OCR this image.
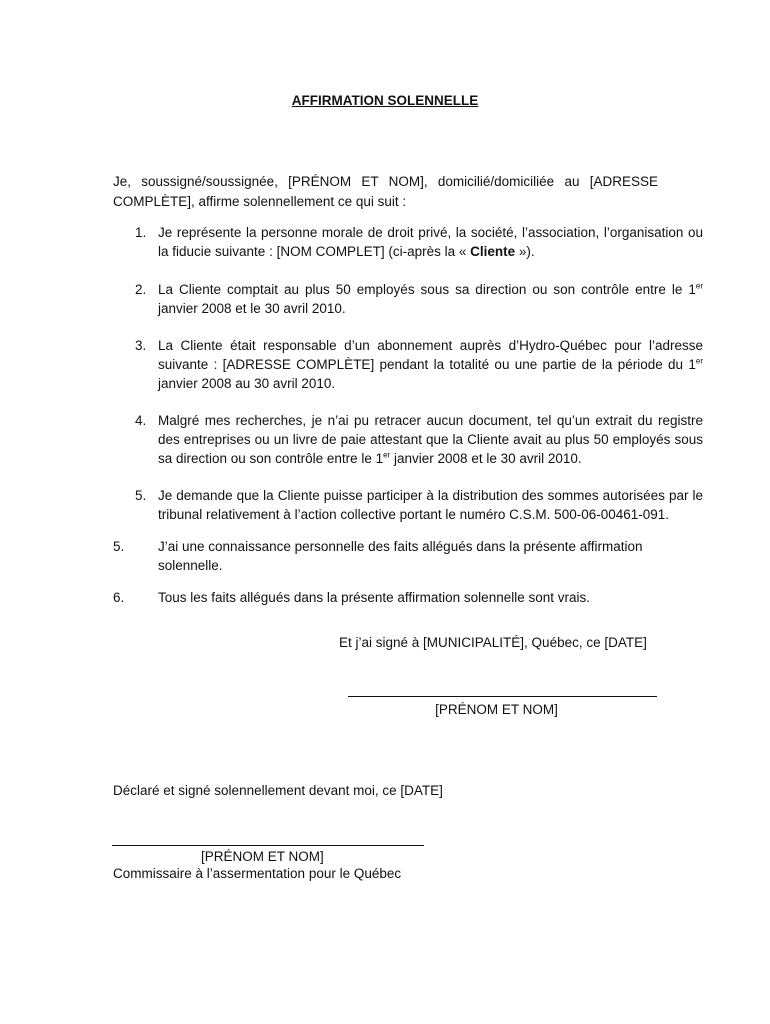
AFFIRMATION SOLENNELLE
Je, soussigné/soussignée, [PRÉNOM ET NOM], domicilié/domiciliée au [ADRESSE COMPLÈTE], affirme solennellement ce qui suit :
1. Je représente la personne morale de droit privé, la société, l’association, l’organisation ou la fiducie suivante : [NOM COMPLET] (ci-après la « Cliente »).
2. La Cliente comptait au plus 50 employés sous sa direction ou son contrôle entre le 1er janvier 2008 et le 30 avril 2010.
3. La Cliente était responsable d’un abonnement auprès d’Hydro-Québec pour l’adresse suivante : [ADRESSE COMPLÈTE] pendant la totalité ou une partie de la période du 1er janvier 2008 au 30 avril 2010.
4. Malgré mes recherches, je n’ai pu retracer aucun document, tel qu’un extrait du registre des entreprises ou un livre de paie attestant que la Cliente avait au plus 50 employés sous sa direction ou son contrôle entre le 1er janvier 2008 et le 30 avril 2010.
5. Je demande que la Cliente puisse participer à la distribution des sommes autorisées par le tribunal relativement à l’action collective portant le numéro C.S.M. 500-06-00461-091.
5. J’ai une connaissance personnelle des faits allégués dans la présente affirmation solennelle.
6. Tous les faits allégués dans la présente affirmation solennelle sont vrais.
Et j’ai signé à [MUNICIPALITÉ], Québec, ce [DATE]
[PRÉNOM ET NOM]
Déclaré et signé solennellement devant moi, ce [DATE]
[PRÉNOM ET NOM]
Commissaire à l’assermentation pour le Québec
